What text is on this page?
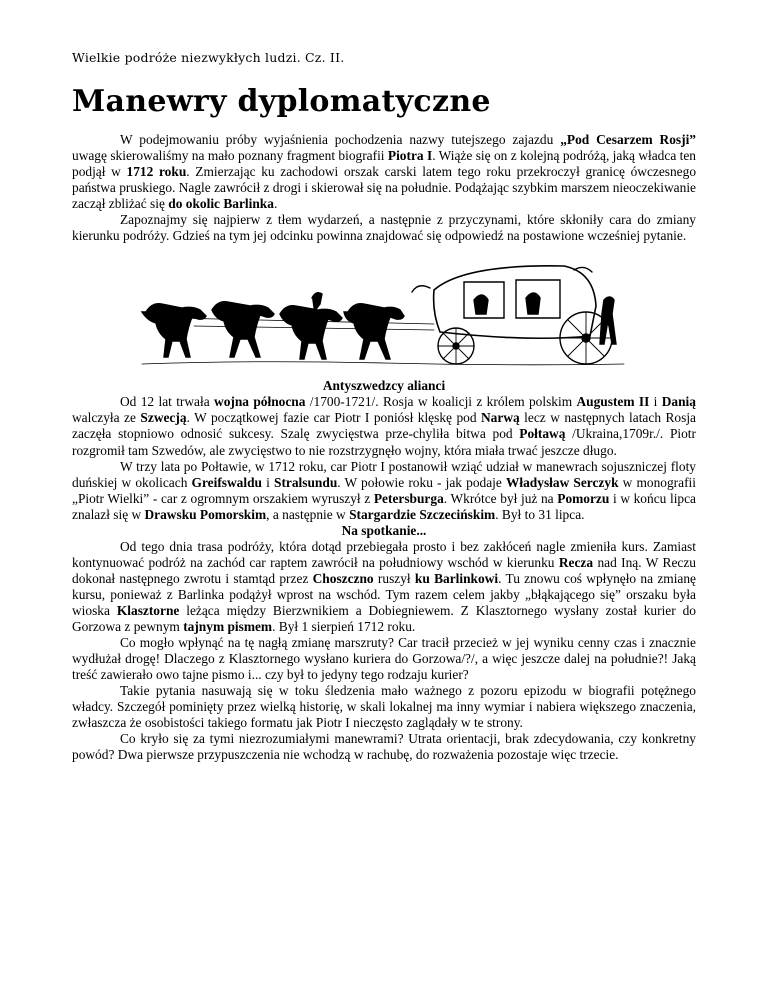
Wielkie podróże niezwykłych ludzi. Cz. II.
Manewry dyplomatyczne

W podejmowaniu próby wyjaśnienia pochodzenia nazwy tutejszego zajazdu „Pod Cesarzem Rosji” uwagę skierowaliśmy na mało poznany fragment biografii Piotra I. Wiąże się on z kolejną podróżą, jaką władca ten podjął w 1712 roku. Zmierzając ku zachodowi orszak carski latem tego roku przekroczył granicę ówczesnego państwa pruskiego. Nagle zawrócił z drogi i skierował się na południe. Podążając szybkim marszem nieoczekiwanie zaczął zbliżać się do okolic Barlinka.

Zapoznajmy się najpierw z tłem wydarzeń, a następnie z przyczynami, które skłoniły cara do zmiany kierunku podróży. Gdzieś na tym jej odcinku powinna znajdować się odpowiedź na postawione wcześniej pytanie.

Antyszwedzcy alianci

Od 12 lat trwała wojna północna /1700-1721/. Rosja w koalicji z królem polskim Augustem II i Danią walczyła ze Szwecją. W początkowej fazie car Piotr I poniósł klęskę pod Narwą lecz w następnych latach Rosja zaczęła stopniowo odnosić sukcesy. Szalę zwycięstwa prze-chyliła bitwa pod Połtawą /Ukraina,1709r./. Piotr rozgromił tam Szwedów, ale zwycięstwo to nie rozstrzygnęło wojny, która miała trwać jeszcze długo.

W trzy lata po Połtawie, w 1712 roku, car Piotr I postanowił wziąć udział w manewrach sojuszniczej floty duńskiej w okolicach Greifswaldu i Stralsundu. W połowie roku - jak podaje Władysław Serczyk w monografii „Piotr Wielki” - car z ogromnym orszakiem wyruszył z Petersburga. Wkrótce był już na Pomorzu i w końcu lipca znalazł się w Drawsku Pomorskim, a następnie w Stargardzie Szczecińskim. Był to 31 lipca.

Na spotkanie...

Od tego dnia trasa podróży, która dotąd przebiegała prosto i bez zakłóceń nagle zmieniła kurs. Zamiast kontynuować podróż na zachód car raptem zawrócił na południowy wschód w kierunku Recza nad Iną. W Reczu dokonał następnego zwrotu i stamtąd przez Choszczno ruszył ku Barlinkowi. Tu znowu coś wpłynęło na zmianę kursu, ponieważ z Barlinka podążył wprost na wschód. Tym razem celem jakby „błąkającego się” orszaku była wioska Klasztorne leżąca między Bierzwnikiem a Dobiegniewem. Z Klasztornego wysłany został kurier do Gorzowa z pewnym tajnym pismem. Był 1 sierpień 1712 roku.

Co mogło wpłynąć na tę nagłą zmianę marszruty? Car tracił przecież w jej wyniku cenny czas i znacznie wydłużał drogę! Dlaczego z Klasztornego wysłano kuriera do Gorzowa/?/, a więc jeszcze dalej na południe?! Jaką treść zawierało owo tajne pismo i... czy był to jedyny tego rodzaju kurier?

Takie pytania nasuwają się w toku śledzenia mało ważnego z pozoru epizodu w biografii potężnego władcy. Szczegół pominięty przez wielką historię, w skali lokalnej ma inny wymiar i nabiera większego znaczenia, zwłaszcza że osobistości takiego formatu jak Piotr I nieczęsto zaglądały w te strony.

Co kryło się za tymi niezrozumiałymi manewrami? Utrata orientacji, brak zdecydowania, czy konkretny powód? Dwa pierwsze przypuszczenia nie wchodzą w rachubę, do rozważenia pozostaje więc trzecie.
